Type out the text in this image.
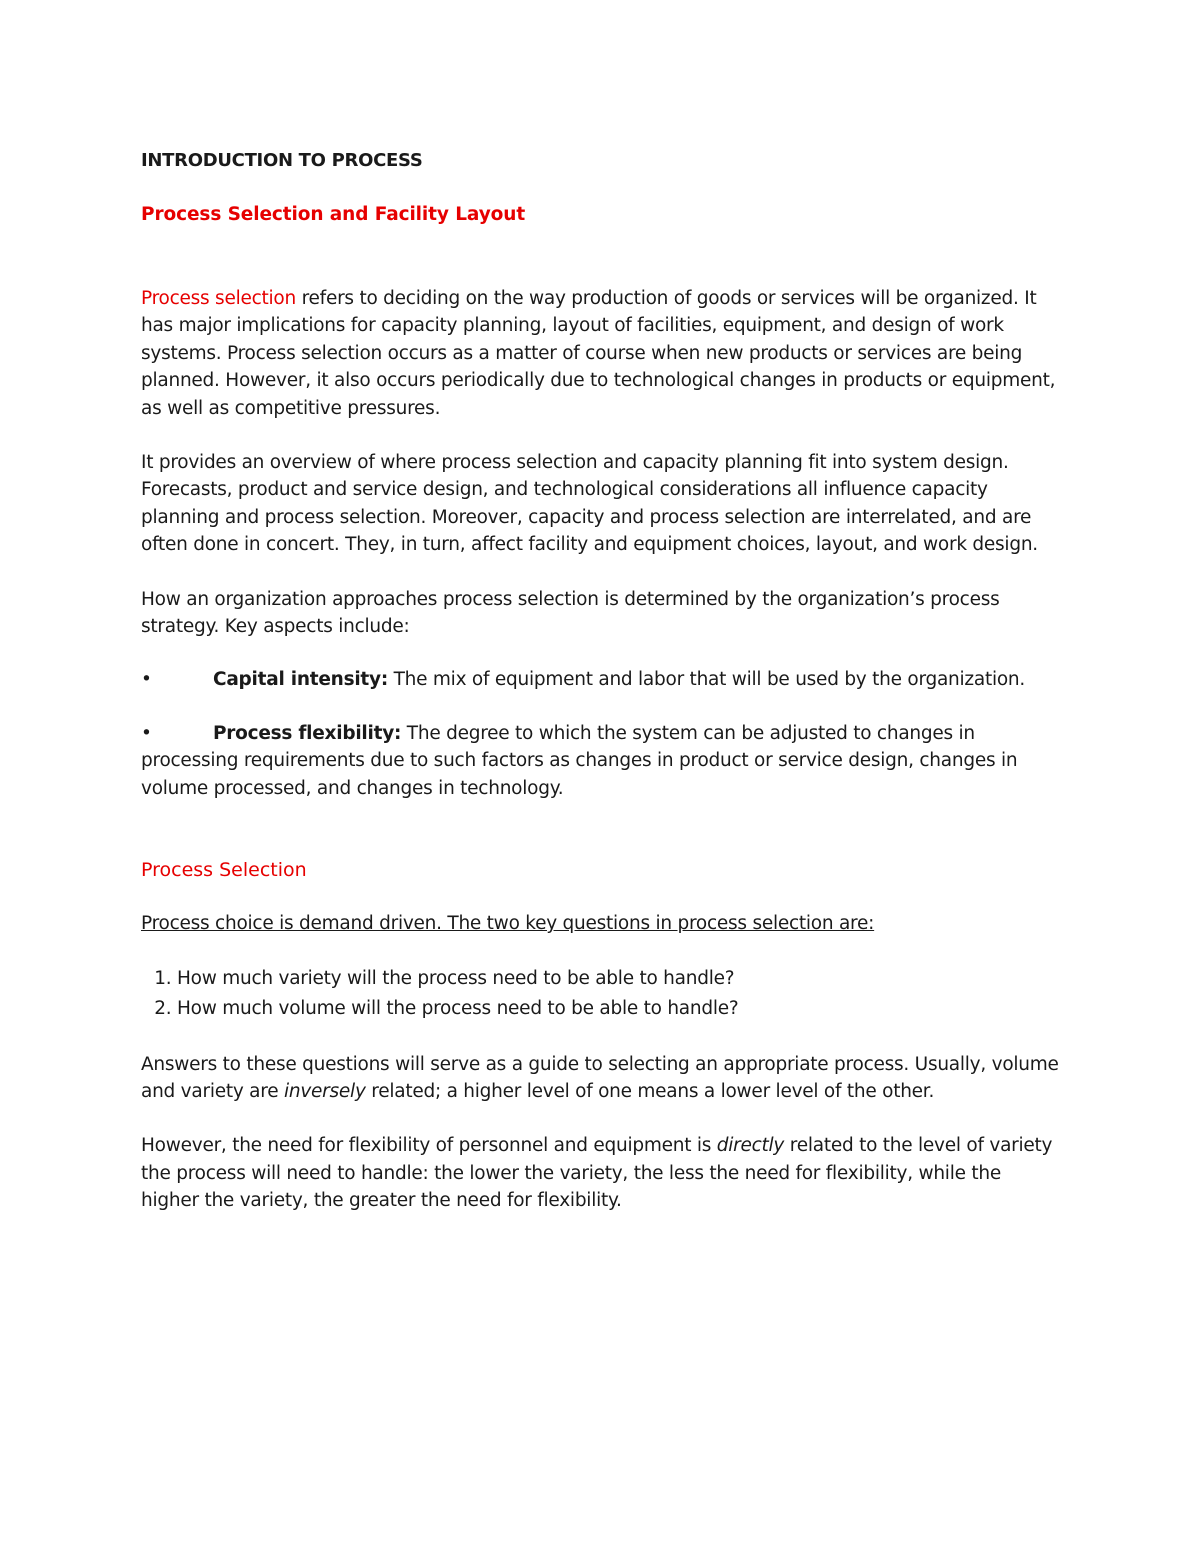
INTRODUCTION TO PROCESS
Process Selection and Facility Layout

Process selection refers to deciding on the way production of goods or services will be organized. It has major implications for capacity planning, layout of facilities, equipment, and design of work systems. Process selection occurs as a matter of course when new products or services are being planned. However, it also occurs periodically due to technological changes in products or equipment, as well as competitive pressures.

It provides an overview of where process selection and capacity planning fit into system design. Forecasts, product and service design, and technological considerations all influence capacity planning and process selection. Moreover, capacity and process selection are interrelated, and are often done in concert. They, in turn, affect facility and equipment choices, layout, and work design.

How an organization approaches process selection is determined by the organization’s process strategy. Key aspects include:

•	Capital intensity: The mix of equipment and labor that will be used by the organization.

•	Process flexibility: The degree to which the system can be adjusted to changes in processing requirements due to such factors as changes in product or service design, changes in volume processed, and changes in technology.

Process Selection

Process choice is demand driven. The two key questions in process selection are:

1. How much variety will the process need to be able to handle?
2. How much volume will the process need to be able to handle?

Answers to these questions will serve as a guide to selecting an appropriate process. Usually, volume and variety are inversely related; a higher level of one means a lower level of the other.

However, the need for flexibility of personnel and equipment is directly related to the level of variety the process will need to handle: the lower the variety, the less the need for flexibility, while the higher the variety, the greater the need for flexibility.
